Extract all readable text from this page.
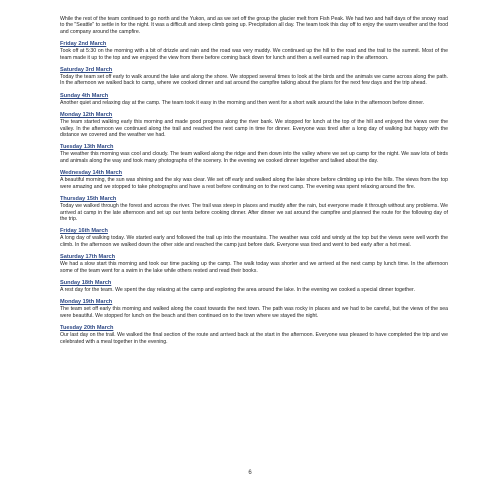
While the rest of the team continued to go north and the Yukon, and as we set off the group the glacier melt from Fish Peak. We had two and half days of the snowy road to the "Seattle" to settle in for the night. It was a difficult and steep climb going up. Precipitation all day. The team took this day off to enjoy the warm weather and the food and company around the campfire.

Friday 2nd March

Took off at 5:30 on the morning with a bit of drizzle and rain and the road was very muddy. We continued up the hill to the road and the trail to the summit. Most of the team made it up to the top and we enjoyed the view from there before coming back down for lunch and then a well earned nap in the afternoon.

Saturday 3rd March

Today the team set off early to walk around the lake and along the shore. We stopped several times to look at the birds and the animals we came across along the path. In the afternoon we walked back to camp, where we cooked dinner and sat around the campfire talking about the plans for the next few days and the trip ahead.

Sunday 4th March

Another quiet and relaxing day at the camp. The team took it easy in the morning and then went for a short walk around the lake in the afternoon before dinner.

Monday 12th March

The team started walking early this morning and made good progress along the river bank. We stopped for lunch at the top of the hill and enjoyed the views over the valley. In the afternoon we continued along the trail and reached the next camp in time for dinner. Everyone was tired after a long day of walking but happy with the distance we covered and the weather we had.

Tuesday 13th March

The weather this morning was cool and cloudy. The team walked along the ridge and then down into the valley where we set up camp for the night. We saw lots of birds and animals along the way and took many photographs of the scenery. In the evening we cooked dinner together and talked about the day.

Wednesday 14th March

A beautiful morning, the sun was shining and the sky was clear. We set off early and walked along the lake shore before climbing up into the hills. The views from the top were amazing and we stopped to take photographs and have a rest before continuing on to the next camp. The evening was spent relaxing around the fire.

Thursday 15th March

Today we walked through the forest and across the river. The trail was steep in places and muddy after the rain, but everyone made it through without any problems. We arrived at camp in the late afternoon and set up our tents before cooking dinner. After dinner we sat around the campfire and planned the route for the following day of the trip.

Friday 16th March

A long day of walking today. We started early and followed the trail up into the mountains. The weather was cold and windy at the top but the views were well worth the climb. In the afternoon we walked down the other side and reached the camp just before dark. Everyone was tired and went to bed early after a hot meal.

Saturday 17th March

We had a slow start this morning and took our time packing up the camp. The walk today was shorter and we arrived at the next camp by lunch time. In the afternoon some of the team went for a swim in the lake while others rested and read their books.

Sunday 18th March

A rest day for the team. We spent the day relaxing at the camp and exploring the area around the lake. In the evening we cooked a special dinner together.

Monday 19th March

The team set off early this morning and walked along the coast towards the next town. The path was rocky in places and we had to be careful, but the views of the sea were beautiful. We stopped for lunch on the beach and then continued on to the town where we stayed the night.

Tuesday 20th March

Our last day on the trail. We walked the final section of the route and arrived back at the start in the afternoon. Everyone was pleased to have completed the trip and we celebrated with a meal together in the evening.

6
